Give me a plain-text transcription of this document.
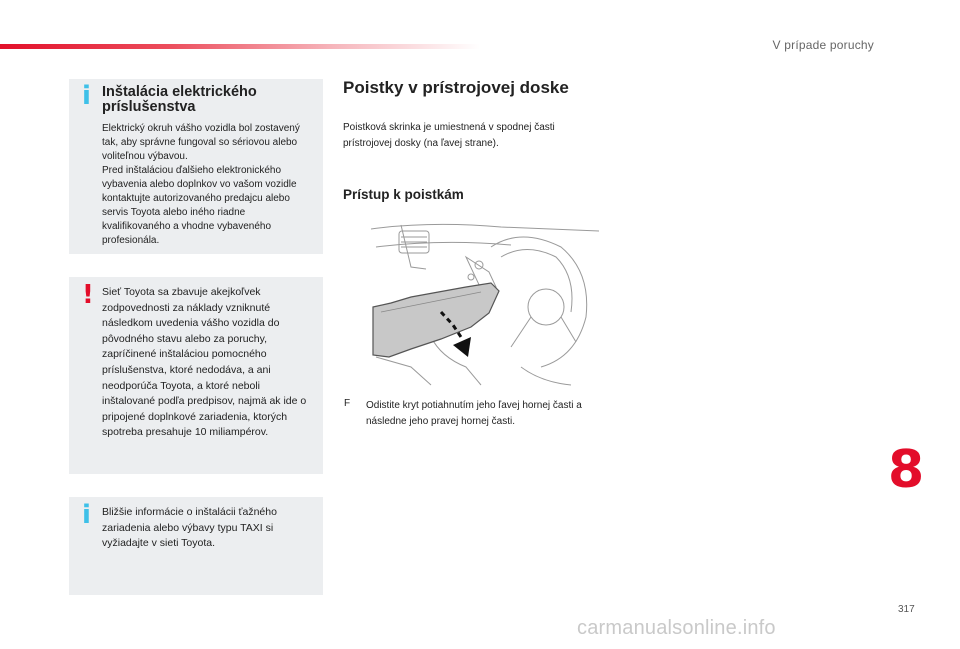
V prípade poruchy
i Inštalácia elektrického príslušenstva

Elektrický okruh vášho vozidla bol zostavený tak, aby správne fungoval so sériovou alebo voliteľnou výbavou.

Pred inštaláciou ďalšieho elektronického vybavenia alebo doplnkov vo vašom vozidle kontaktujte autorizovaného predajcu alebo servis Toyota alebo iného riadne kvalifikovaného a vhodne vybaveného profesionála.

! Sieť Toyota sa zbavuje akejkoľvek zodpovednosti za náklady vzniknuté následkom uvedenia vášho vozidla do pôvodného stavu alebo za poruchy, zapríčinené inštaláciou pomocného príslušenstva, ktoré nedodáva, a ani neodporúča Toyota, a ktoré neboli inštalované podľa predpisov, najmä ak ide o pripojené doplnkové zariadenia, ktorých spotreba presahuje 10 miliampérov.

i Bližšie informácie o inštalácii ťažného zariadenia alebo výbavy typu TAXI si vyžiadajte v sieti Toyota.

Poistky v prístrojovej doske

Poistková skrinka je umiestnená v spodnej časti prístrojovej dosky (na ľavej strane).

Prístup k poistkám
F Odistite kryt potiahnutím jeho ľavej hornej časti a následne jeho pravej hornej časti.

8
317
carmanualsonline.info
